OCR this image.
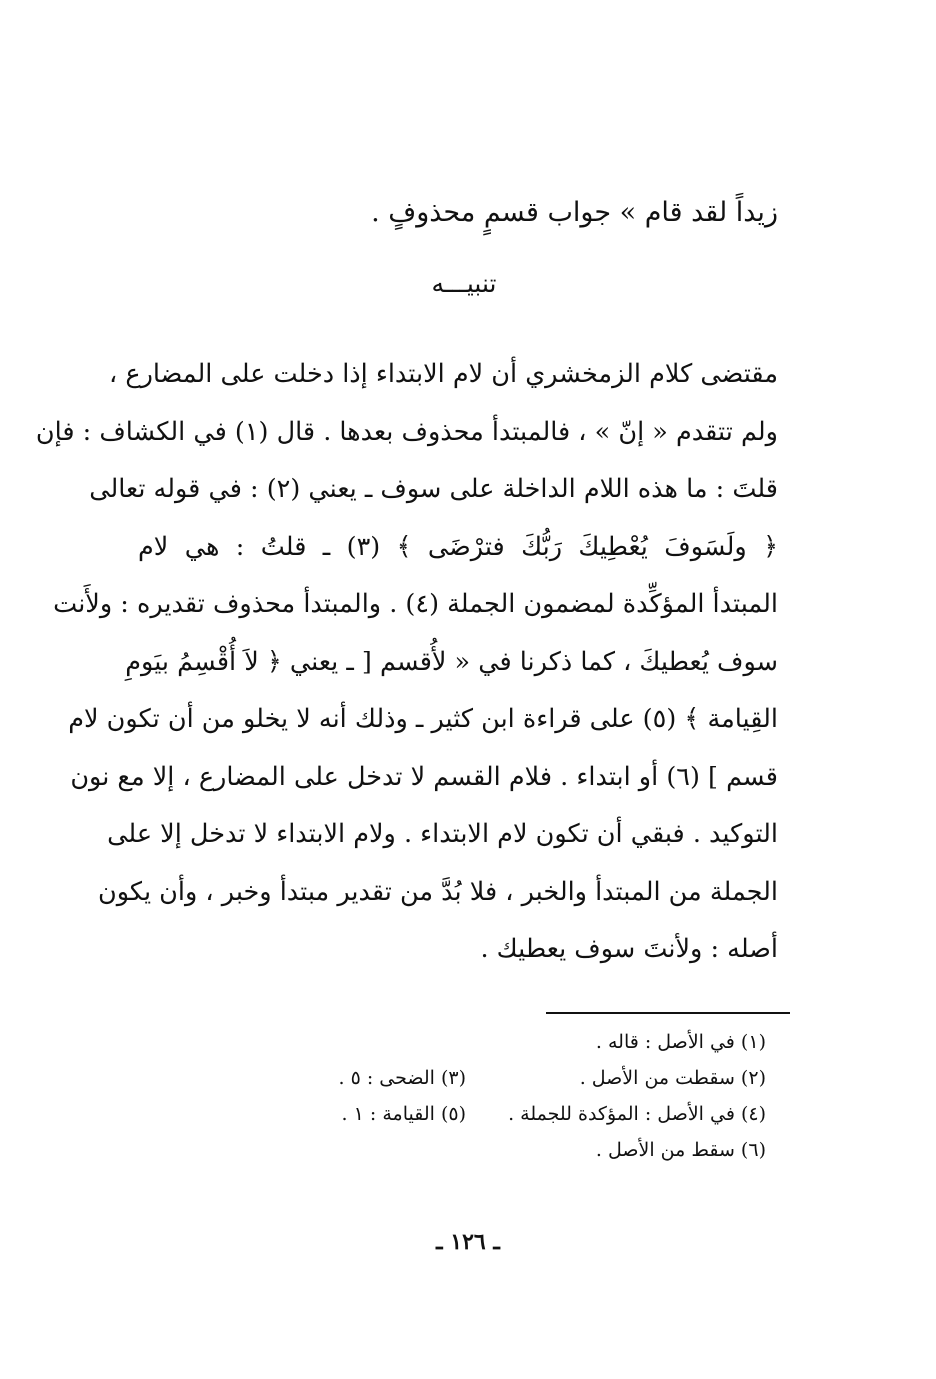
زيداً لقد قام » جواب قسمٍ محذوفٍ .
تنبيـــه
مقتضى كلام الزمخشري أن لام الابتداء إذا دخلت على المضارع ،
ولم تتقدم « إنّ » ، فالمبتدأ محذوف بعدها . قال (١) في الكشاف : فإن
قلتَ : ما هذه اللام الداخلة على سوف ـ يعني (٢) : في قوله تعالى
﴿ ولَسَوفَ يُعْطِيكَ رَبُّكَ فترْضَى ﴾ (٣) ـ قلتُ : هي لام
المبتدأ المؤكِّدة لمضمون الجملة (٤) . والمبتدأ محذوف تقديره : ولأَنت
سوف يُعطيكَ ، كما ذكرنا في « لأُقسم [ ـ يعني ﴿ لاَ أُقْسِمُ بيَومِ
القِيامة ﴾ (٥) على قراءة ابن كثير ـ وذلك أنه لا يخلو من أن تكون لام
قسم ] (٦) أو ابتداء . فلام القسم لا تدخل على المضارع ، إلا مع نون
التوكيد . فبقي أن تكون لام الابتداء . ولام الابتداء لا تدخل إلا على
الجملة من المبتدأ والخبر ، فلا بُدَّ من تقدير مبتدأ وخبر ، وأن يكون
أصله : ولأنتَ سوف يعطيك .
(١) في الأصل : قاله .
(٢) سقطت من الأصل .
(٣) الضحى : ٥ .
(٤) في الأصل : المؤكدة للجملة .
(٥) القيامة : ١ .
(٦) سقط من الأصل .
ـ ١٢٦ ـ
